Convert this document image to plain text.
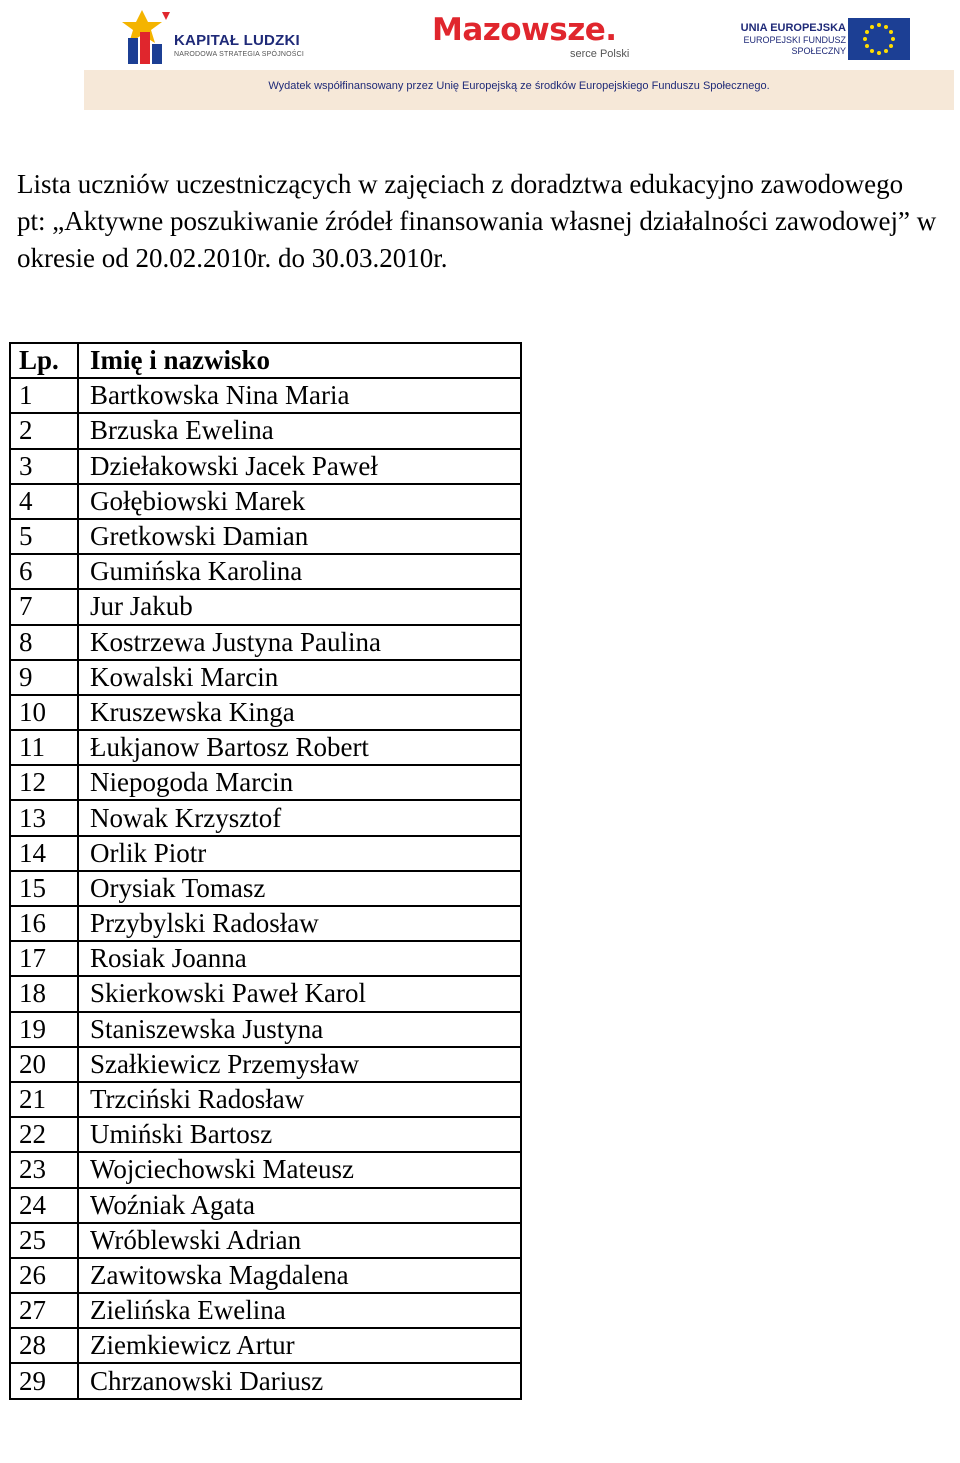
KAPITAŁ LUDZKI
NARODOWA STRATEGIA SPÓJNOŚCI
Mazowsze.
serce Polski
UNIA EUROPEJSKA
EUROPEJSKI FUNDUSZ
SPOŁECZNY
Wydatek współfinansowany przez Unię Europejską ze środków Europejskiego Funduszu Społecznego.

Lista uczniów uczestniczących w zajęciach z doradztwa edukacyjno zawodowego pt: „Aktywne poszukiwanie źródeł finansowania własnej działalności zawodowej” w okresie od 20.02.2010r. do 30.03.2010r.

Lp.	Imię i nazwisko
1	Bartkowska Nina Maria
2	Brzuska Ewelina
3	Dziełakowski Jacek Paweł
4	Gołębiowski Marek
5	Gretkowski Damian
6	Gumińska Karolina
7	Jur Jakub
8	Kostrzewa Justyna Paulina
9	Kowalski Marcin
10	Kruszewska Kinga
11	Łukjanow Bartosz Robert
12	Niepogoda Marcin
13	Nowak Krzysztof
14	Orlik Piotr
15	Orysiak Tomasz
16	Przybylski Radosław
17	Rosiak Joanna
18	Skierkowski Paweł Karol
19	Staniszewska Justyna
20	Szałkiewicz Przemysław
21	Trzciński Radosław
22	Umiński Bartosz
23	Wojciechowski Mateusz
24	Woźniak Agata
25	Wróblewski Adrian
26	Zawitowska Magdalena
27	Zielińska Ewelina
28	Ziemkiewicz Artur
29	Chrzanowski Dariusz
